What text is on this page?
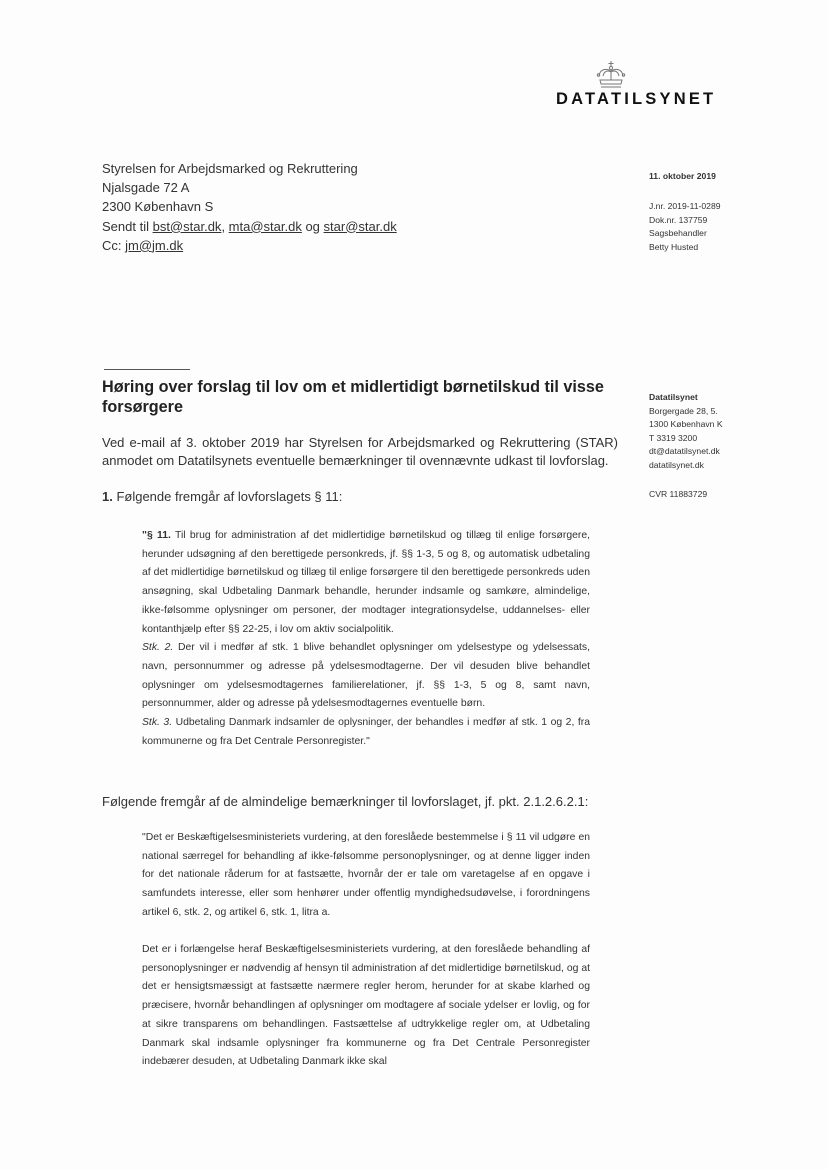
DATATILSYNET
Styrelsen for Arbejdsmarked og Rekruttering
Njalsgade 72 A
2300 København S
Sendt til bst@star.dk, mta@star.dk og star@star.dk
Cc: jm@jm.dk
11. oktober 2019
J.nr. 2019-11-0289
Dok.nr. 137759
Sagsbehandler
Betty Husted
Datatilsynet
Borgergade 28, 5.
1300 København K
T 3319 3200
dt@datatilsynet.dk
datatilsynet.dk
CVR 11883729
Høring over forslag til lov om et midlertidigt børnetilskud til visse forsørgere
Ved e-mail af 3. oktober 2019 har Styrelsen for Arbejdsmarked og Rekruttering (STAR) anmodet om Datatilsynets eventuelle bemærkninger til ovennævnte udkast til lovforslag.
1. Følgende fremgår af lovforslagets § 11:
"§ 11. Til brug for administration af det midlertidige børnetilskud og tillæg til enlige forsørgere, herunder udsøgning af den berettigede personkreds, jf. §§ 1-3, 5 og 8, og automatisk udbetaling af det midlertidige børnetilskud og tillæg til enlige forsørgere til den berettigede personkreds uden ansøgning, skal Udbetaling Danmark behandle, herunder indsamle og samkøre, almindelige, ikke-følsomme oplysninger om personer, der modtager integrationsydelse, uddannelses- eller kontanthjælp efter §§ 22-25, i lov om aktiv socialpolitik.
Stk. 2. Der vil i medfør af stk. 1 blive behandlet oplysninger om ydelsestype og ydelsessats, navn, personnummer og adresse på ydelsesmodtagerne. Der vil desuden blive behandlet oplysninger om ydelsesmodtagernes familierelationer, jf. §§ 1-3, 5 og 8, samt navn, personnummer, alder og adresse på ydelsesmodtagernes eventuelle børn.
Stk. 3. Udbetaling Danmark indsamler de oplysninger, der behandles i medfør af stk. 1 og 2, fra kommunerne og fra Det Centrale Personregister."
Følgende fremgår af de almindelige bemærkninger til lovforslaget, jf. pkt. 2.1.2.6.2.1:
"Det er Beskæftigelsesministeriets vurdering, at den foreslåede bestemmelse i § 11 vil udgøre en national særregel for behandling af ikke-følsomme personoplysninger, og at denne ligger inden for det nationale råderum for at fastsætte, hvornår der er tale om varetagelse af en opgave i samfundets interesse, eller som henhører under offentlig myndighedsudøvelse, i forordningens artikel 6, stk. 2, og artikel 6, stk. 1, litra a.
Det er i forlængelse heraf Beskæftigelsesministeriets vurdering, at den foreslåede behandling af personoplysninger er nødvendig af hensyn til administration af det midlertidige børnetilskud, og at det er hensigtsmæssigt at fastsætte nærmere regler herom, herunder for at skabe klarhed og præcisere, hvornår behandlingen af oplysninger om modtagere af sociale ydelser er lovlig, og for at sikre transparens om behandlingen. Fastsættelse af udtrykkelige regler om, at Udbetaling Danmark skal indsamle oplysninger fra kommunerne og fra Det Centrale Personregister indebærer desuden, at Udbetaling Danmark ikke skal
